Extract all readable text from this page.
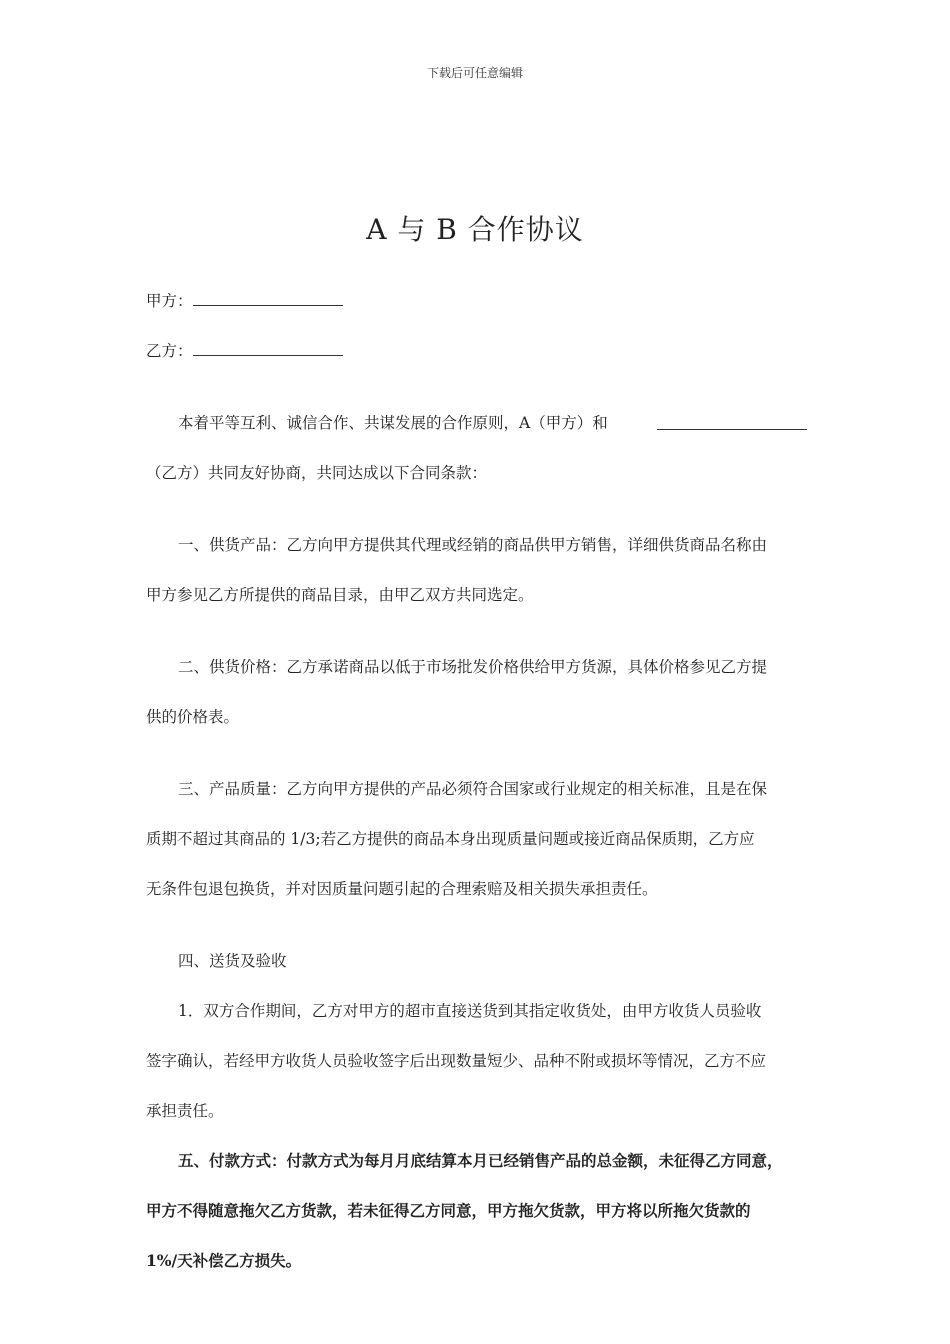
下载后可任意编辑
A 与 B 合作协议
甲方：
乙方：
本着平等互利、诚信合作、共谋发展的合作原则，A（甲方）和
（乙方）共同友好协商，共同达成以下合同条款：
一、供货产品：乙方向甲方提供其代理或经销的商品供甲方销售，详细供货商品名称由
甲方参见乙方所提供的商品目录，由甲乙双方共同选定。
二、供货价格：乙方承诺商品以低于市场批发价格供给甲方货源，具体价格参见乙方提
供的价格表。
三、产品质量：乙方向甲方提供的产品必须符合国家或行业规定的相关标准，且是在保
质期不超过其商品的 1/3;若乙方提供的商品本身出现质量问题或接近商品保质期，乙方应
无条件包退包换货，并对因质量问题引起的合理索赔及相关损失承担责任。
四、送货及验收
1．双方合作期间，乙方对甲方的超市直接送货到其指定收货处，由甲方收货人员验收
签字确认，若经甲方收货人员验收签字后出现数量短少、品种不附或损坏等情况，乙方不应
承担责任。
五、付款方式：付款方式为每月月底结算本月已经销售产品的总金额，未征得乙方同意，
甲方不得随意拖欠乙方货款，若未征得乙方同意，甲方拖欠货款，甲方将以所拖欠货款的
1%/天补偿乙方损失。
